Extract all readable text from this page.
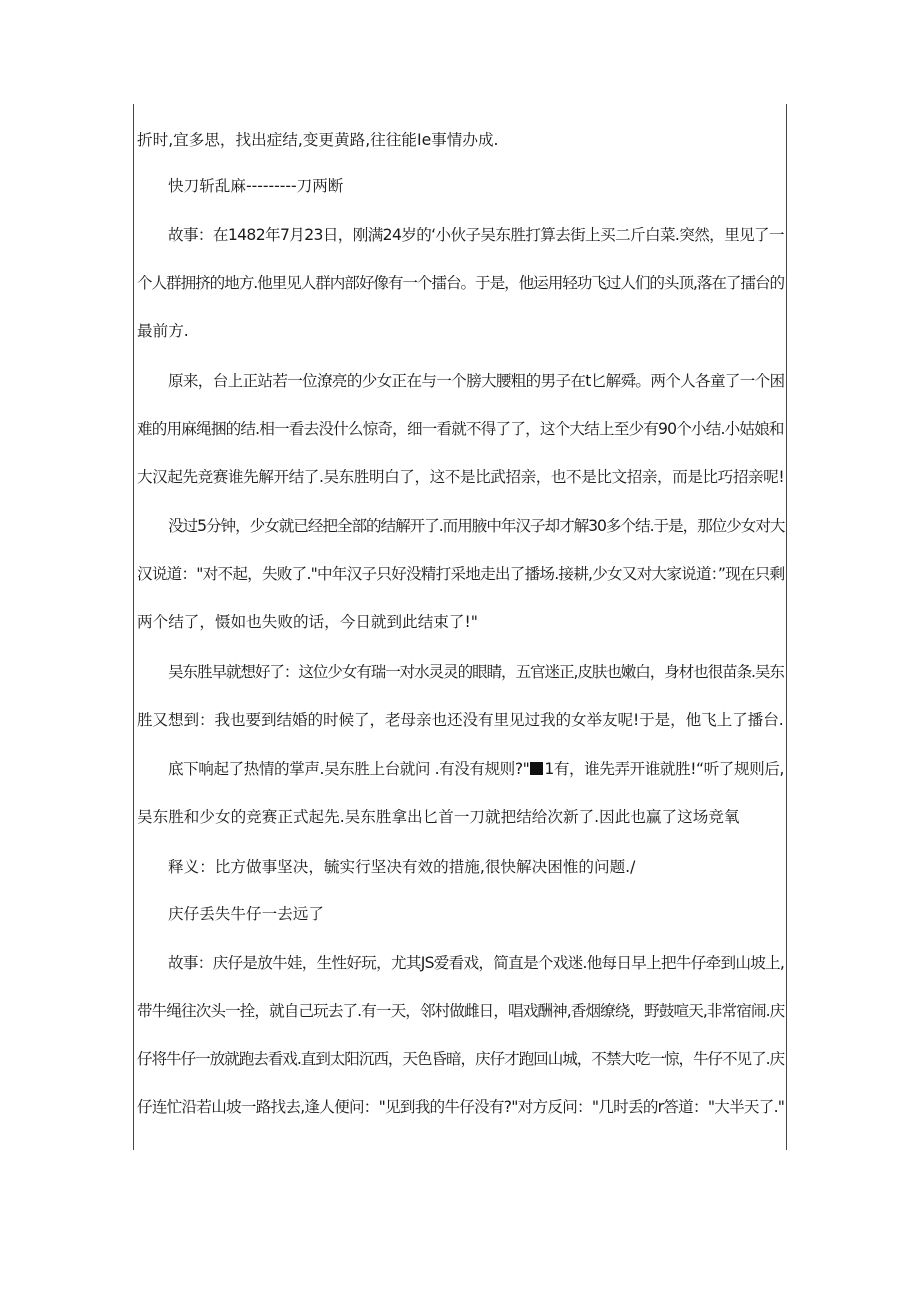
折时,宜多思，找出症结,变更黄路,往往能Ie事情办成.
快刀斩乱麻---------刀两断
故事：在1482年7月23日，刚满24岁的‘小伙子吴东胜打算去街上买二斤白菜.突然，里见了一
个人群拥挤的地方.他里见人群内部好像有一个擂台。于是，他运用轻功飞过人们的头顶,落在了擂台的
最前方.
原来，台上正站若一位潦亮的少女正在与一个膀大腰粗的男子在t匕解舜。两个人各童了一个困
难的用麻绳捆的结.相一看去没什么惊奇，细一看就不得了了，这个大结上至少有90个小结.小姑娘和
大汉起先竞赛谁先解开结了.吴东胜明白了，这不是比武招亲，也不是比文招亲，而是比巧招亲呢!
没过5分钟，少女就已经把全部的结解开了.而用腋中年汉子却才解30多个结.于是，那位少女对大
汉说道："对不起，失败了."中年汉子只好没精打采地走出了播场.接耕,少女又对大家说道：”现在只剩
两个结了，慑如也失败的话，今日就到此结束了!"
吴东胜早就想好了：这位少女有瑞一对水灵灵的眼睛，五官迷正,皮肤也嫩白，身材也很苗条.吴东
胜又想到：我也要到结婚的时候了，老母亲也还没有里见过我的女举友呢!于是，他飞上了播台.
底下响起了热情的掌声.吴东胜上台就问 .有没有规则?" 1有，谁先弄开谁就胜!“听了规则后,
吴东胜和少女的竞赛正式起先.吴东胜拿出匕首一刀就把结给次新了.因此也赢了这场竞氧
释义：比方做事坚决，毓实行坚决有效的措施,很快解决困惟的问题./
庆仔丢失牛仔一去远了
故事：庆仔是放牛娃，生性好玩，尤其JS爱看戏，简直是个戏迷.他每日早上把牛仔牵到山坡上,
带牛绳往次头一拴，就自己玩去了.有一天，邻村做雌日，唱戏酬神,香烟缭绕，野鼓喧天,非常宿闹.庆
仔将牛仔一放就跑去看戏.直到太阳沉西，天色昏暗，庆仔才跑回山城，不禁大吃一惊，牛仔不见了.庆
仔连忙沿若山坡一路找去,逢人便问："见到我的牛仔没有?"对方反问："几时丢的r答道："大半天了."
